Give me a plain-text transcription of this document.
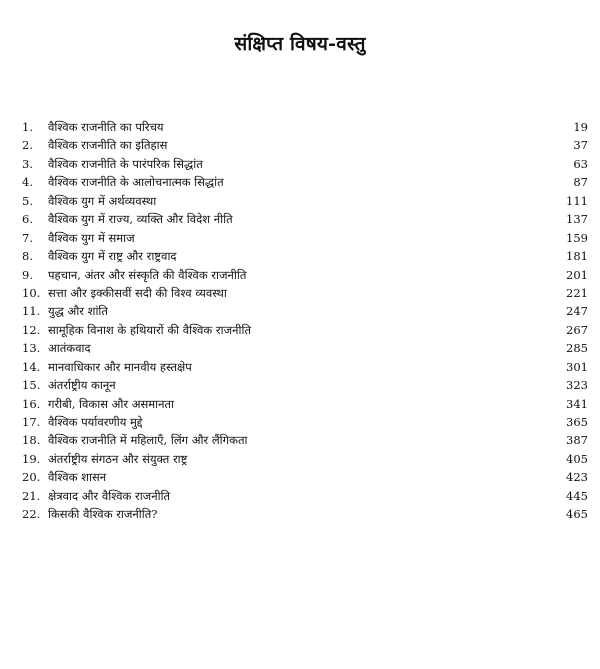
संक्षिप्त विषय-वस्तु
1. वैश्विक राजनीति का परिचय	19
2. वैश्विक राजनीति का इतिहास	37
3. वैश्विक राजनीति के पारंपरिक सिद्धांत	63
4. वैश्विक राजनीति के आलोचनात्मक सिद्धांत	87
5. वैश्विक युग में अर्थव्यवस्था	111
6. वैश्विक युग में राज्य, व्यक्ति और विदेश नीति	137
7. वैश्विक युग में समाज	159
8. वैश्विक युग में राष्ट्र और राष्ट्रवाद	181
9. पहचान, अंतर और संस्कृति की वैश्विक राजनीति	201
10. सत्ता और इक्कीसवीं सदी की विश्व व्यवस्था	221
11. युद्ध और शांति	247
12. सामूहिक विनाश के हथियारों की वैश्विक राजनीति	267
13. आतंकवाद	285
14. मानवाधिकार और मानवीय हस्तक्षेप	301
15. अंतर्राष्ट्रीय कानून	323
16. गरीबी, विकास और असमानता	341
17. वैश्विक पर्यावरणीय मुद्दे	365
18. वैश्विक राजनीति में महिलाएँ, लिंग और लैंगिकता	387
19. अंतर्राष्ट्रीय संगठन और संयुक्त राष्ट्र	405
20. वैश्विक शासन	423
21. क्षेत्रवाद और वैश्विक राजनीति	445
22. किसकी वैश्विक राजनीति?	465
